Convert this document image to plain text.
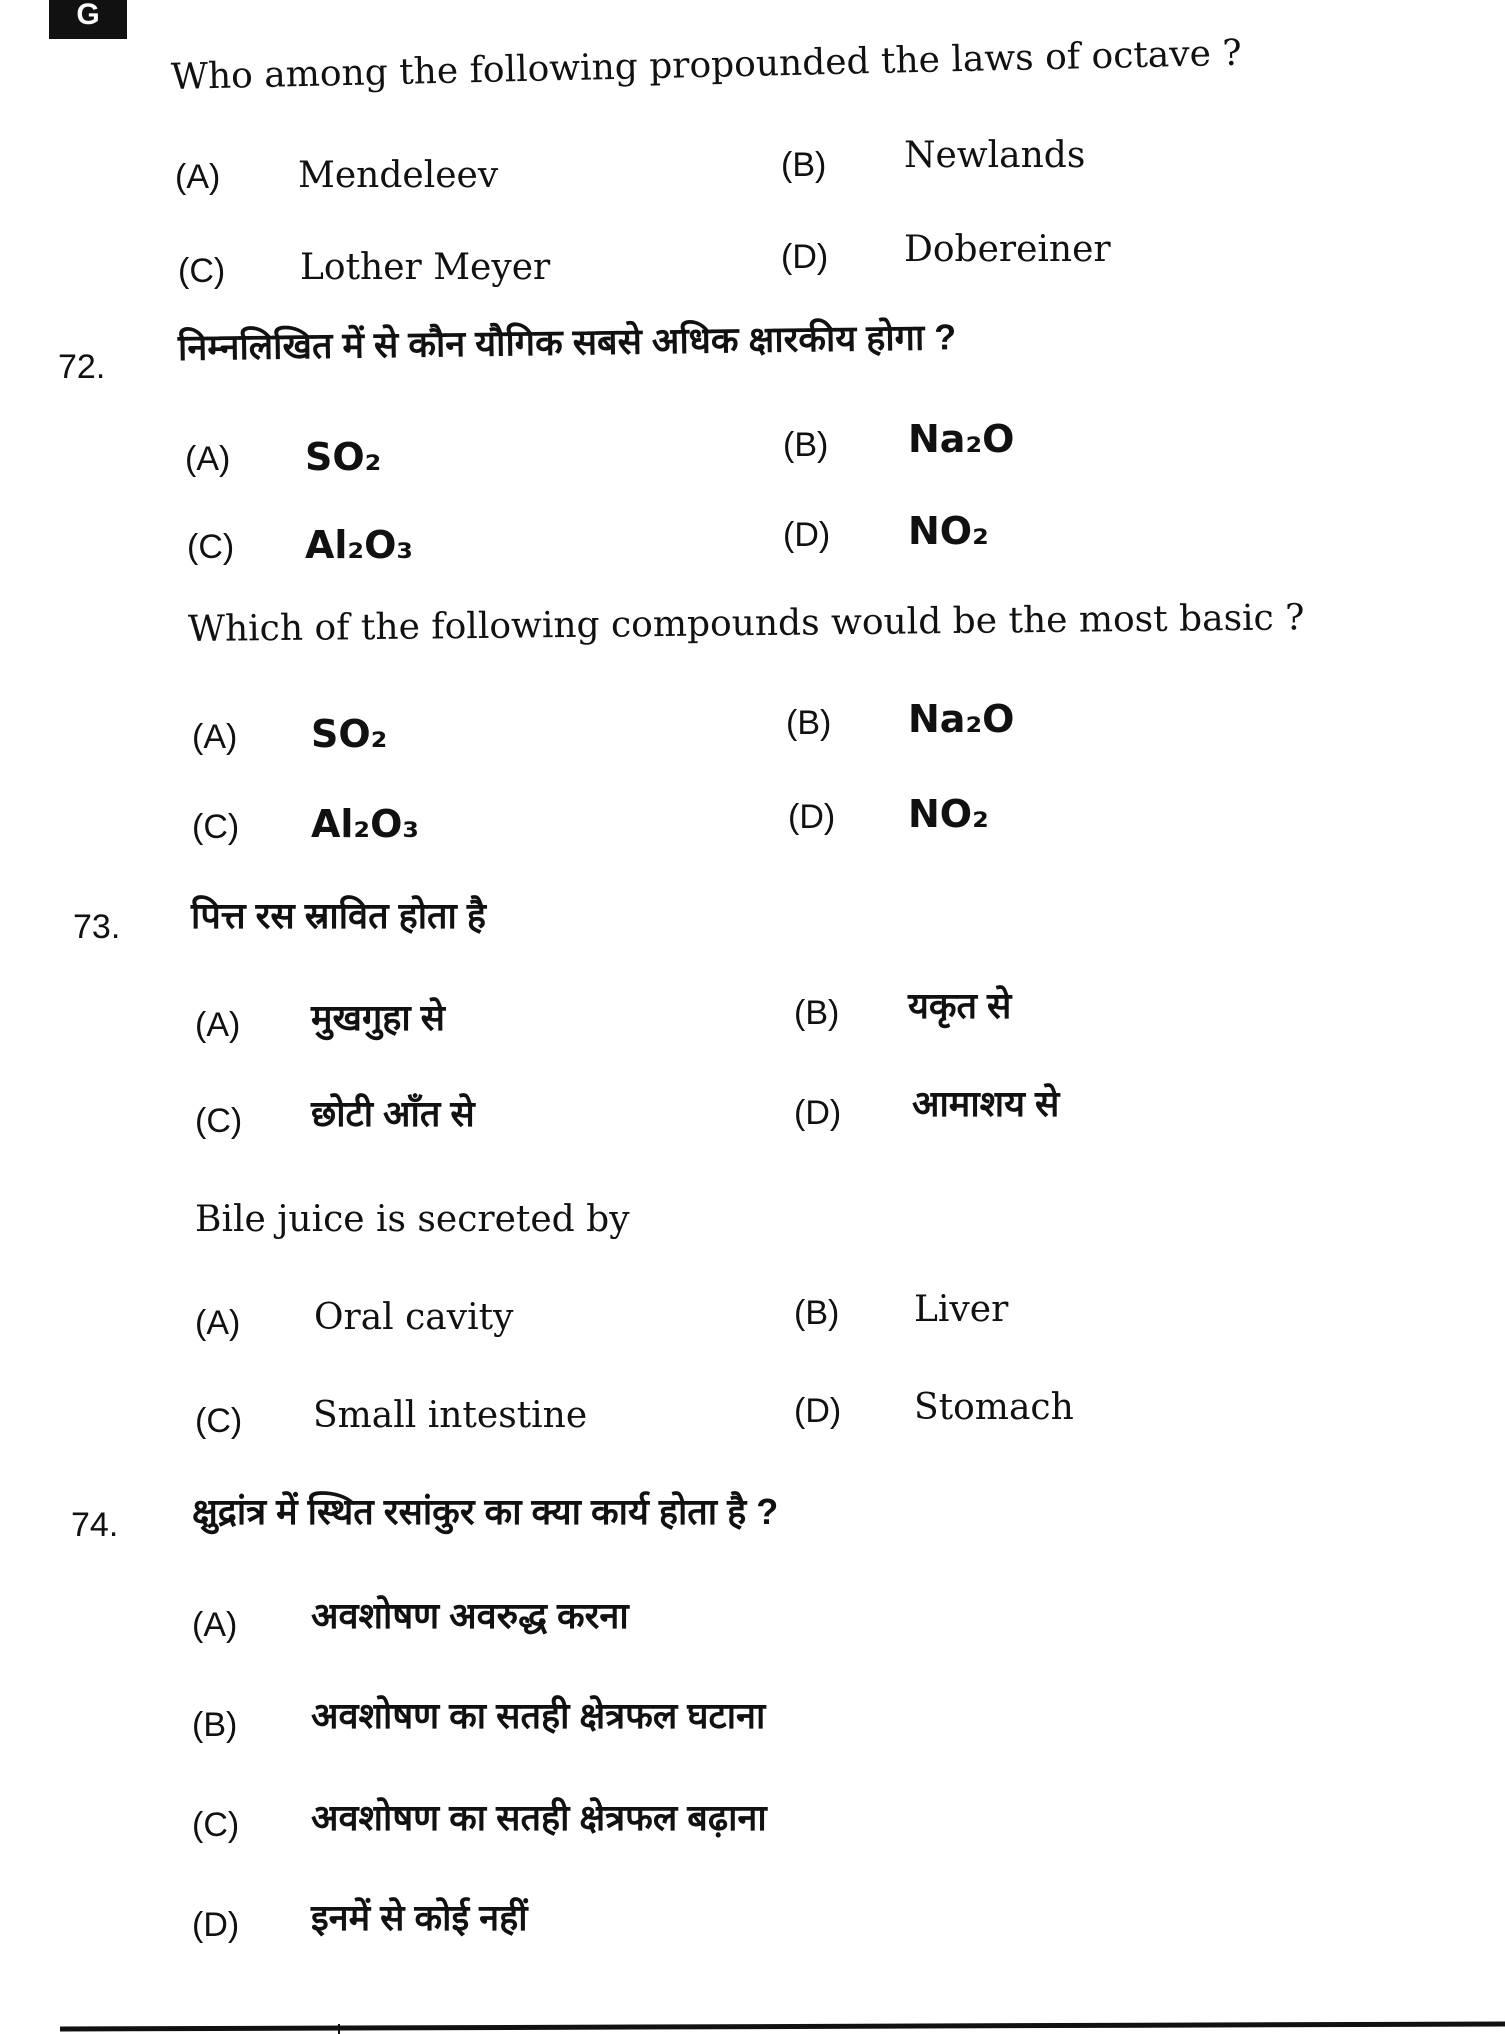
G
Who among the following propounded the laws of octave ?
(A) Mendeleev	(B) Newlands
(C) Lother Meyer	(D) Dobereiner
72. निम्नलिखित में से कौन यौगिक सबसे अधिक क्षारकीय होगा ?
(A) SO₂	(B) Na₂O
(C) Al₂O₃	(D) NO₂
Which of the following compounds would be the most basic ?
(A) SO₂	(B) Na₂O
(C) Al₂O₃	(D) NO₂
73. पित्त रस स्रावित होता है
(A) मुखगुहा से	(B) यकृत से
(C) छोटी आँत से	(D) आमाशय से
Bile juice is secreted by
(A) Oral cavity	(B) Liver
(C) Small intestine	(D) Stomach
74. क्षुद्रांत्र में स्थित रसांकुर का क्या कार्य होता है ?
(A) अवशोषण अवरुद्ध करना
(B) अवशोषण का सतही क्षेत्रफल घटाना
(C) अवशोषण का सतही क्षेत्रफल बढ़ाना
(D) इनमें से कोई नहीं
